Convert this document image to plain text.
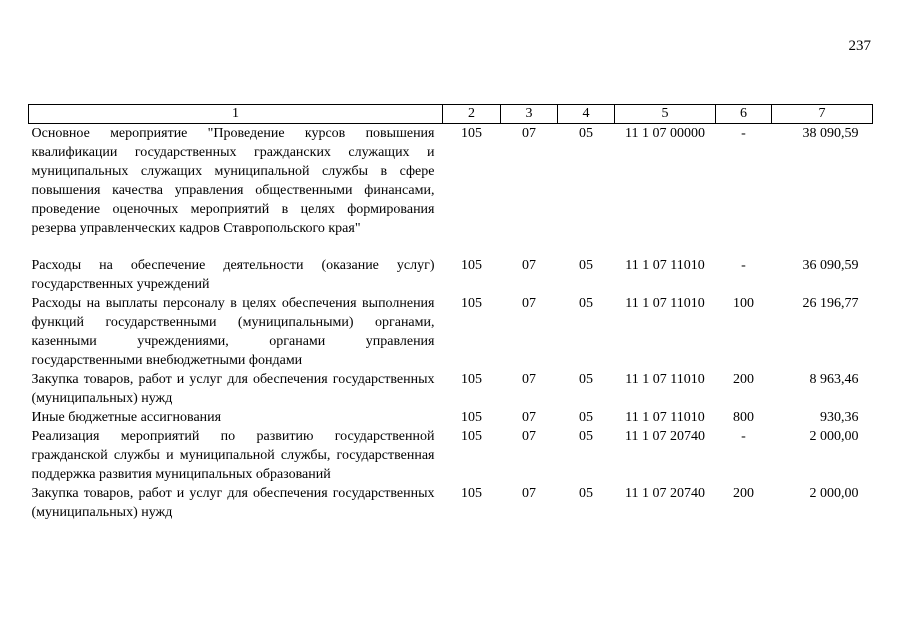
237
1	2	3	4	5	6	7
Основное мероприятие "Проведение курсов повышения квалификации государственных гражданских служащих и муниципальных служащих муниципальной службы в сфере повышения качества управления общественными финансами, проведение оценочных мероприятий в целях формирования резерва управленческих кадров Ставропольского края"	105	07	05	11 1 07 00000	-	38 090,59

Расходы на обеспечение деятельности (оказание услуг) государственных учреждений	105	07	05	11 1 07 11010	-	36 090,59
Расходы на выплаты персоналу в целях обеспечения выполнения функций государственными (муниципальными) органами, казенными учреждениями, органами управления государственными внебюджетными фондами	105	07	05	11 1 07 11010	100	26 196,77
Закупка товаров, работ и услуг для обеспечения государственных (муниципальных) нужд	105	07	05	11 1 07 11010	200	8 963,46
Иные бюджетные ассигнования	105	07	05	11 1 07 11010	800	930,36
Реализация мероприятий по развитию государственной гражданской службы и муниципальной службы, государственная поддержка развития муниципальных образований	105	07	05	11 1 07 20740	-	2 000,00
Закупка товаров, работ и услуг для обеспечения государственных (муниципальных) нужд	105	07	05	11 1 07 20740	200	2 000,00
